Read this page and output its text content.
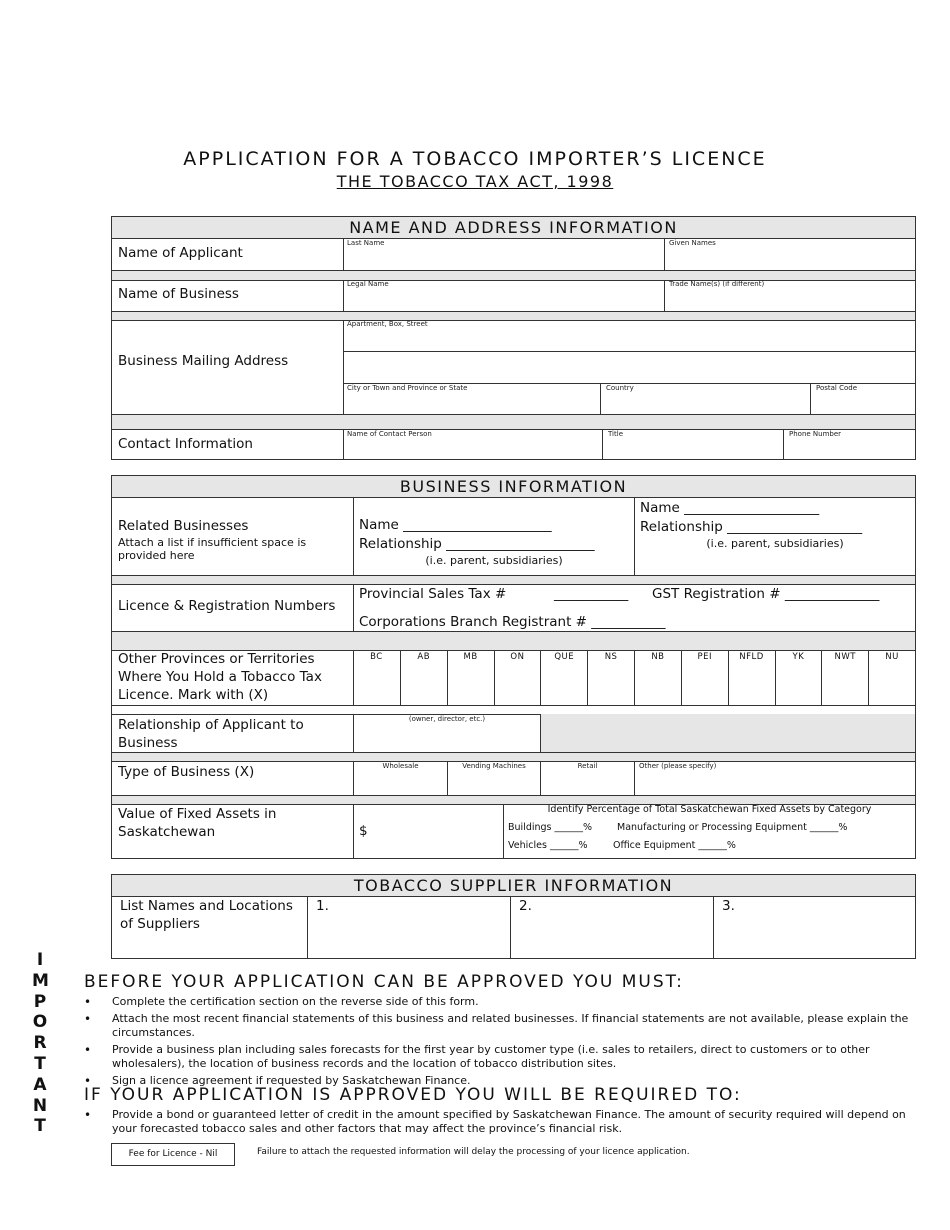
APPLICATION FOR A TOBACCO IMPORTER’S LICENCE
THE TOBACCO TAX ACT, 1998
NAME AND ADDRESS INFORMATION
Name of Applicant
Last Name	Given Names
Name of Business
Legal Name	Trade Name(s) (if different)
Business Mailing Address
Apartment, Box, Street
City or Town and Province or State	Country	Postal Code
Contact Information
Name of Contact Person	Title	Phone Number
BUSINESS INFORMATION
Related Businesses
Attach a list if insufficient space is provided here
Name ______________________
Relationship ______________________
(i.e. parent, subsidiaries)
Name ____________________
Relationship ____________________
(i.e. parent, subsidiaries)
Licence & Registration Numbers
Provincial Sales Tax #	___________ GST Registration # ______________
Corporations Branch Registrant # ___________
Other Provinces or Territories Where You Hold a Tobacco Tax Licence. Mark with (X)
BC	AB	MB	ON	QUE	NS	NB	PEI	NFLD	YK	NWT	NU
Relationship of Applicant to Business
(owner, director, etc.)
Type of Business (X)	Wholesale	Vending Machines	Retail	Other (please specify)
Value of Fixed Assets in Saskatchewan	$
Identify Percentage of Total Saskatchewan Fixed Assets by Category
Buildings ______%	Manufacturing or Processing Equipment ______%
Vehicles ______%	Office Equipment ______%
TOBACCO SUPPLIER INFORMATION
List Names and Locations of Suppliers
1.	2.	3.
I
M
P
O
R
T
A
N
T
BEFORE YOUR APPLICATION CAN BE APPROVED YOU MUST:
• Complete the certification section on the reverse side of this form.
• Attach the most recent financial statements of this business and related businesses. If financial statements are not available, please explain the circumstances.
• Provide a business plan including sales forecasts for the first year by customer type (i.e. sales to retailers, direct to customers or to other wholesalers), the location of business records and the location of tobacco distribution sites.
• Sign a licence agreement if requested by Saskatchewan Finance.
IF YOUR APPLICATION IS APPROVED YOU WILL BE REQUIRED TO:
• Provide a bond or guaranteed letter of credit in the amount specified by Saskatchewan Finance. The amount of security required will depend on your forecasted tobacco sales and other factors that may affect the province’s financial risk.
Fee for Licence - Nil	Failure to attach the requested information will delay the processing of your licence application.
